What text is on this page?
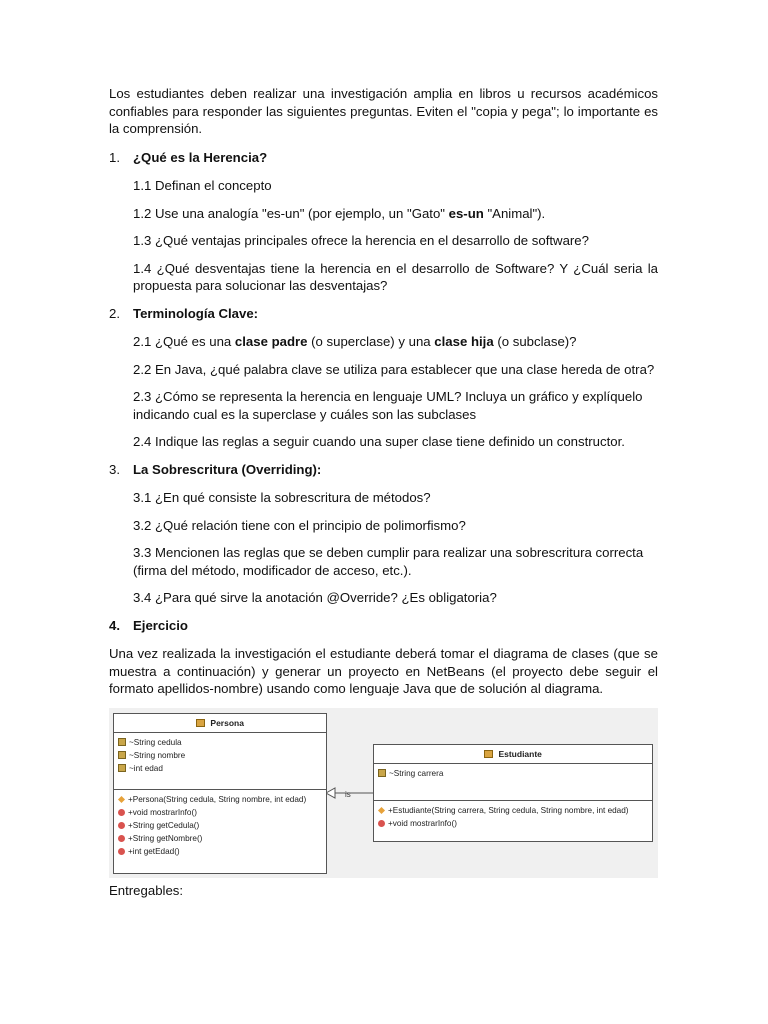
Los estudiantes deben realizar una investigación amplia en libros u recursos académicos confiables para responder las siguientes preguntas. Eviten el "copia y pega"; lo importante es la comprensión.

1. ¿Qué es la Herencia?

1.1 Definan el concepto

1.2 Use una analogía "es-un" (por ejemplo, un "Gato" es-un "Animal").

1.3 ¿Qué ventajas principales ofrece la herencia en el desarrollo de software?

1.4 ¿Qué desventajas tiene la herencia en el desarrollo de Software? Y ¿Cuál seria la propuesta para solucionar las desventajas?

2. Terminología Clave:

2.1 ¿Qué es una clase padre (o superclase) y una clase hija (o subclase)?

2.2 En Java, ¿qué palabra clave se utiliza para establecer que una clase hereda de otra?

2.3 ¿Cómo se representa la herencia en lenguaje UML? Incluya un gráfico y explíquelo indicando cual es la superclase y cuáles son las subclases

2.4 Indique las reglas a seguir cuando una super clase tiene definido un constructor.

3. La Sobrescritura (Overriding):

3.1 ¿En qué consiste la sobrescritura de métodos?

3.2 ¿Qué relación tiene con el principio de polimorfismo?

3.3 Mencionen las reglas que se deben cumplir para realizar una sobrescritura correcta (firma del método, modificador de acceso, etc.).

3.4 ¿Para qué sirve la anotación @Override? ¿Es obligatoria?

4. Ejercicio

Una vez realizada la investigación el estudiante deberá tomar el diagrama de clases (que se muestra a continuación) y generar un proyecto en NetBeans (el proyecto debe seguir el formato apellidos-nombre) usando como lenguaje Java que de solución al diagrama.

is
Persona
~String cedula
~String nombre
~int edad
+Persona(String cedula, String nombre, int edad)
+void mostrarInfo()
+String getCedula()
+String getNombre()
+int getEdad()
Estudiante
~String carrera
+Estudiante(String carrera, String cedula, String nombre, int edad)
+void mostrarInfo()

Entregables:
